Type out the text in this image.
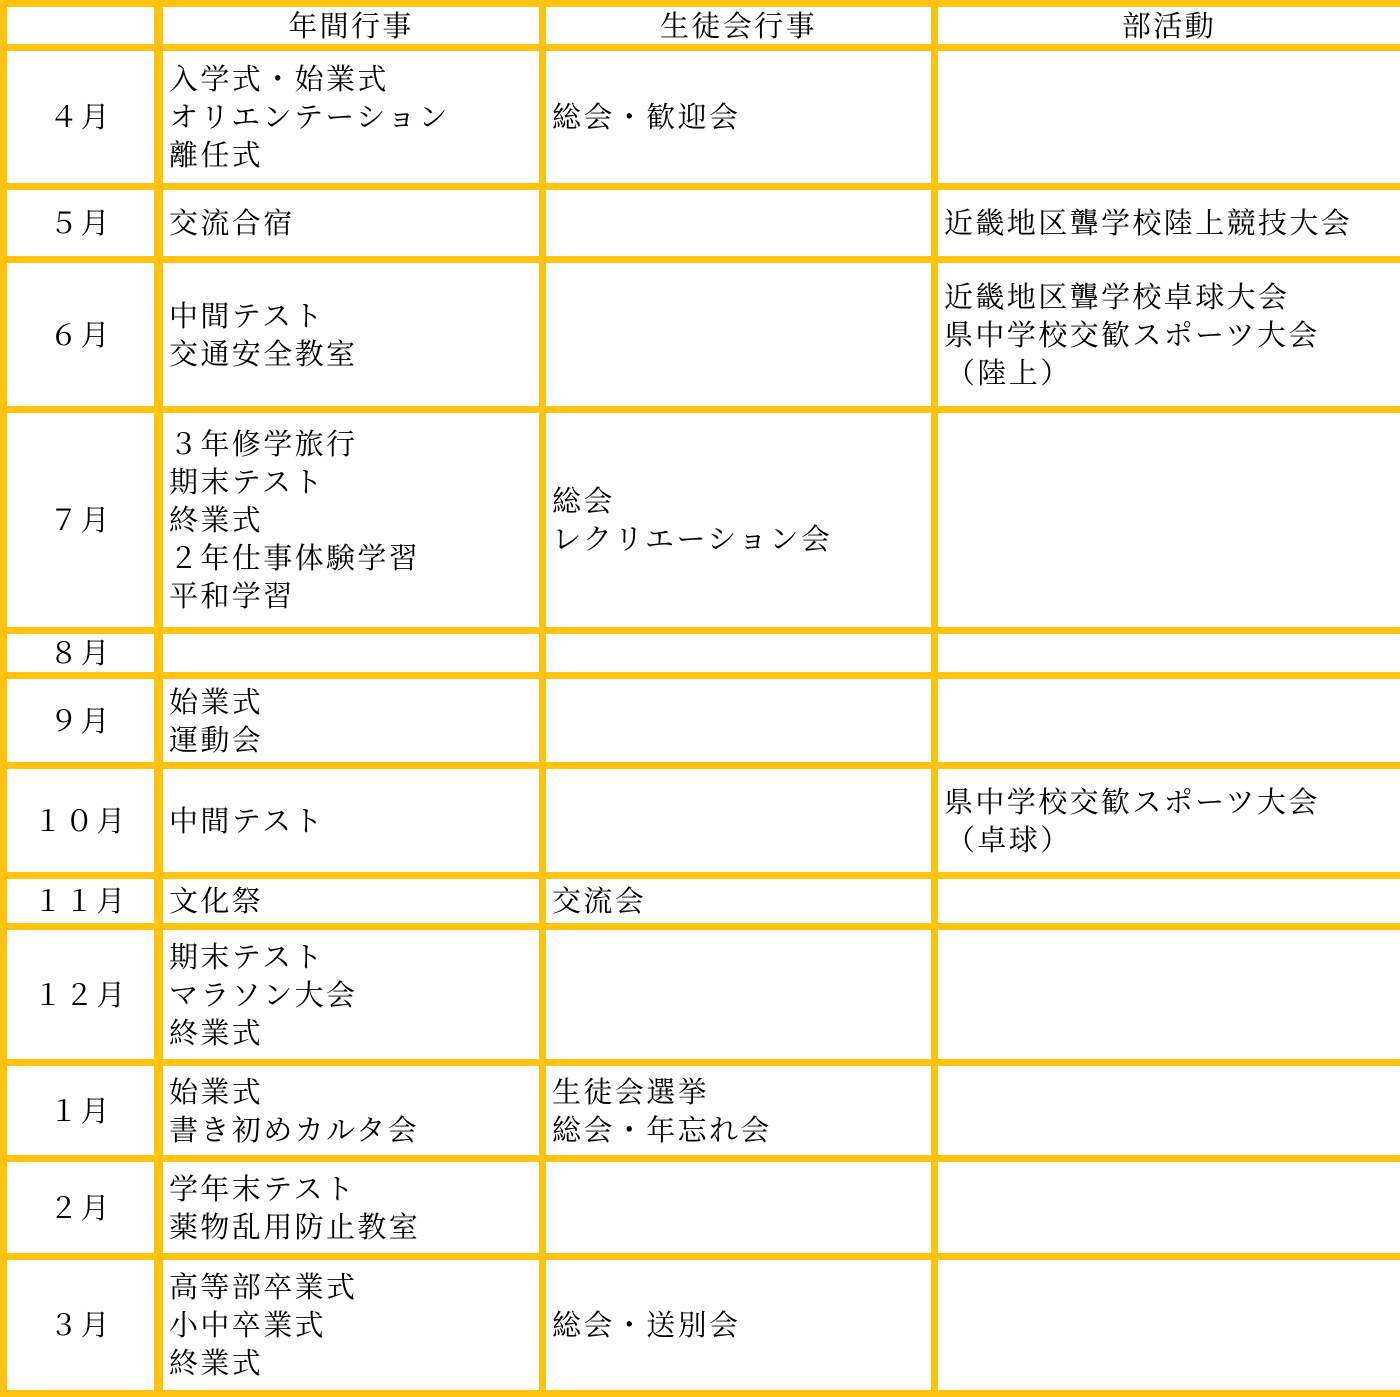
	年間行事	生徒会行事	部活動
４月	入学式・始業式
オリエンテーション
離任式	総会・歓迎会	

５月	交流合宿		近畿地区聾学校陸上競技大会

６月	中間テスト
交通安全教室		近畿地区聾学校卓球大会
県中学校交歓スポーツ大会
（陸上）

７月	３年修学旅行
期末テスト
終業式
２年仕事体験学習
平和学習	総会
レクリエーション会	

８月			
９月	始業式
運動会		

１０月	中間テスト		県中学校交歓スポーツ大会
（卓球）

１１月	文化祭	交流会	

１２月	期末テスト
マラソン大会
終業式		

１月	始業式
書き初めカルタ会	生徒会選挙
総会・年忘れ会	

２月	学年末テスト
薬物乱用防止教室		

３月	高等部卒業式
小中卒業式
終業式	総会・送別会	
